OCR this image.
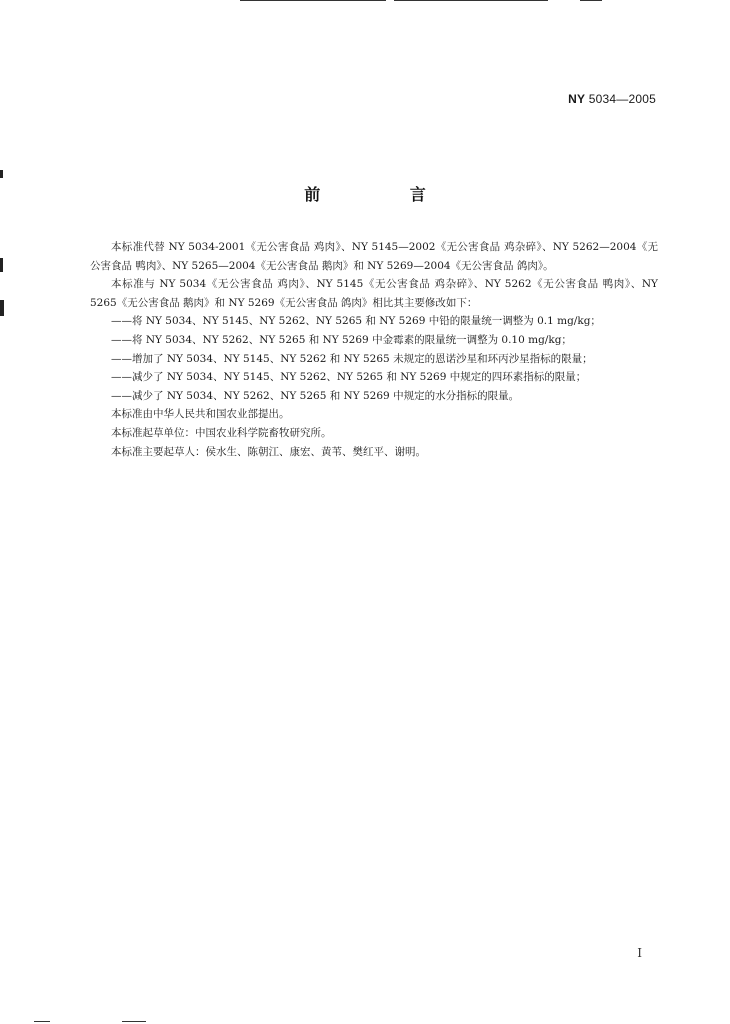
NY 5034—2005
前 言

本标准代替 NY 5034-2001《无公害食品 鸡肉》、NY 5145—2002《无公害食品 鸡杂碎》、NY 5262—2004《无公害食品 鸭肉》、NY 5265—2004《无公害食品 鹅肉》和 NY 5269—2004《无公害食品 鸽肉》。

本标准与 NY 5034《无公害食品 鸡肉》、NY 5145《无公害食品 鸡杂碎》、NY 5262《无公害食品 鸭肉》、NY 5265《无公害食品 鹅肉》和 NY 5269《无公害食品 鸽肉》相比其主要修改如下：

——将 NY 5034、NY 5145、NY 5262、NY 5265 和 NY 5269 中铅的限量统一调整为 0.1 mg/kg；

——将 NY 5034、NY 5262、NY 5265 和 NY 5269 中金霉素的限量统一调整为 0.10 mg/kg；

——增加了 NY 5034、NY 5145、NY 5262 和 NY 5265 未规定的恩诺沙星和环丙沙星指标的限量；

——减少了 NY 5034、NY 5145、NY 5262、NY 5265 和 NY 5269 中规定的四环素指标的限量；

——减少了 NY 5034、NY 5262、NY 5265 和 NY 5269 中规定的水分指标的限量。

本标准由中华人民共和国农业部提出。

本标准起草单位：中国农业科学院畜牧研究所。

本标准主要起草人：侯水生、陈朝江、康宏、黄苇、樊红平、谢明。

I
